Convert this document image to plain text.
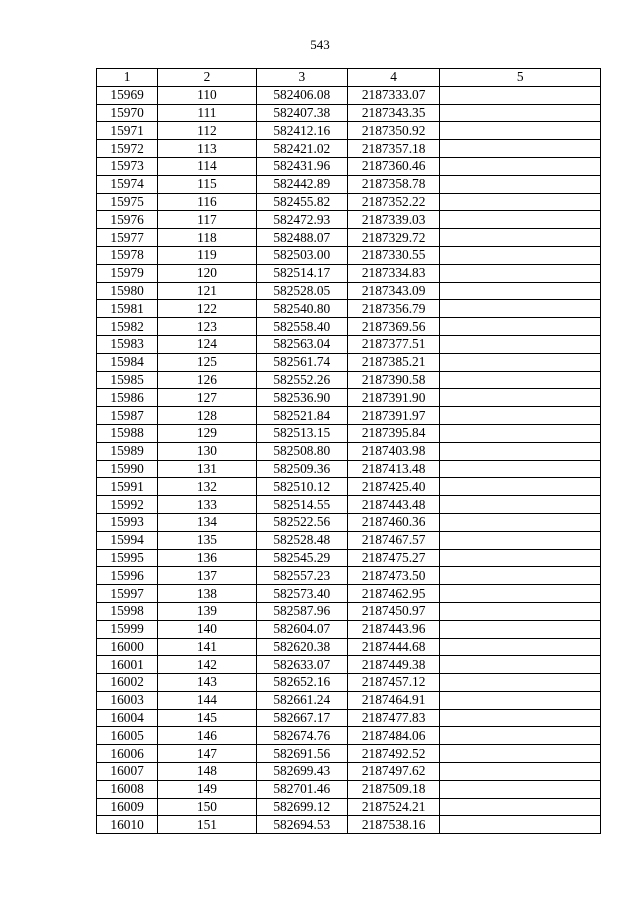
543
1	2	3	4	5
15969	110	582406.08	2187333.07	
15970	111	582407.38	2187343.35	
15971	112	582412.16	2187350.92	
15972	113	582421.02	2187357.18	
15973	114	582431.96	2187360.46	
15974	115	582442.89	2187358.78	
15975	116	582455.82	2187352.22	
15976	117	582472.93	2187339.03	
15977	118	582488.07	2187329.72	
15978	119	582503.00	2187330.55	
15979	120	582514.17	2187334.83	
15980	121	582528.05	2187343.09	
15981	122	582540.80	2187356.79	
15982	123	582558.40	2187369.56	
15983	124	582563.04	2187377.51	
15984	125	582561.74	2187385.21	
15985	126	582552.26	2187390.58	
15986	127	582536.90	2187391.90	
15987	128	582521.84	2187391.97	
15988	129	582513.15	2187395.84	
15989	130	582508.80	2187403.98	
15990	131	582509.36	2187413.48	
15991	132	582510.12	2187425.40	
15992	133	582514.55	2187443.48	
15993	134	582522.56	2187460.36	
15994	135	582528.48	2187467.57	
15995	136	582545.29	2187475.27	
15996	137	582557.23	2187473.50	
15997	138	582573.40	2187462.95	
15998	139	582587.96	2187450.97	
15999	140	582604.07	2187443.96	
16000	141	582620.38	2187444.68	
16001	142	582633.07	2187449.38	
16002	143	582652.16	2187457.12	
16003	144	582661.24	2187464.91	
16004	145	582667.17	2187477.83	
16005	146	582674.76	2187484.06	
16006	147	582691.56	2187492.52	
16007	148	582699.43	2187497.62	
16008	149	582701.46	2187509.18	
16009	150	582699.12	2187524.21	
16010	151	582694.53	2187538.16	
